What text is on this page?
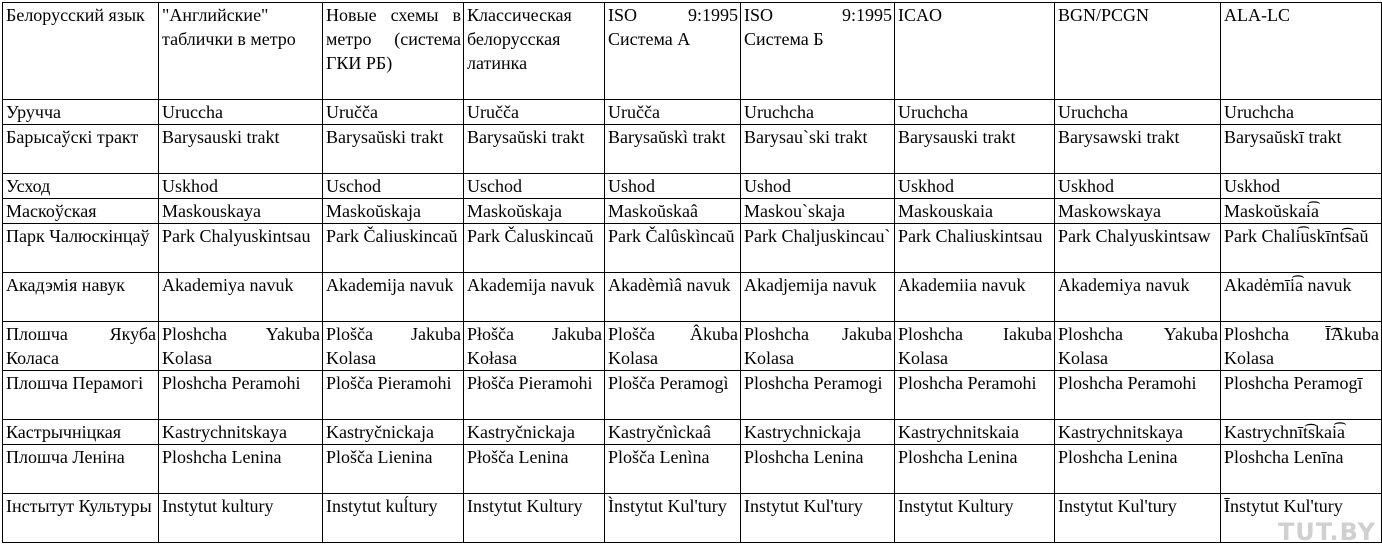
Белорусский язык	"Английские" таблички в метро	Новые схемы в метро (система ГКИ РБ)	Классическая белорусская латинка	ISO 9:1995 Система А	ISO 9:1995 Система Б	ICAO	BGN/PCGN	ALA-LC
Уручча	Uruccha	Uručča	Uručča	Uručča	Uruchcha	Uruchcha	Uruchcha	Uruchcha
Барысаўскі тракт	Barysauski trakt	Barysaŭski trakt	Barysaŭski trakt	Barysaŭskì trakt	Barysau`ski trakt	Barysauski trakt	Barysawski trakt	Barysaŭskī trakt
Усход	Uskhod	Uschod	Uschod	Ushod	Ushod	Uskhod	Uskhod	Uskhod
Маскоўская	Maskouskaya	Maskoŭskaja	Maskoŭskaja	Maskoŭskaâ	Maskou`skaja	Maskouskaia	Maskowskaya	Maskoŭskai͡a
Парк Чалюскінцаў	Park Chalyuskintsau	Park Čaliuskincaŭ	Park Čaluskincaŭ	Park Čalûskìncaŭ	Park Chaljuskincau`	Park Chaliuskintsau	Park Chalyuskintsaw	Park Chali͡uskīnt͡saŭ
Акадэмія навук	Akademiya navuk	Akademija navuk	Akademija navuk	Akadèmìâ navuk	Akadjemija navuk	Akademiia navuk	Akademiya navuk	Akadėmīi͡a navuk
Плошча Якуба Коласа	Ploshcha Yakuba Kolasa	Plošča Jakuba Kolasa	Płošča Jakuba Kołasa	Plošča Âkuba Kolasa	Ploshcha Jakuba Kolasa	Ploshcha Iakuba Kolasa	Ploshcha Yakuba Kolasa	Ploshcha Ī͡Akuba Kolasa
Плошча Перамогі	Ploshcha Peramohi	Plošča Pieramohi	Płošča Pieramohi	Plošča Peramogì	Ploshcha Peramogi	Ploshcha Peramohi	Ploshcha Peramohi	Ploshcha Peramogī
Кастрычніцкая	Kastrychnitskaya	Kastryčnickaja	Kastryčnickaja	Kastryčnìckaâ	Kastrychnickaja	Kastrychnitskaia	Kastrychnitskaya	Kastrychnīt͡skai͡a
Плошча Леніна	Ploshcha Lenina	Plošča Lienina	Płošča Lenina	Plošča Lenìna	Ploshcha Lenina	Ploshcha Lenina	Ploshcha Lenina	Ploshcha Lenīna
Інстытут Культуры	Instytut kultury	Instytut kuĺtury	Instytut Kultury	Ìnstytut Kul'tury	Instytut Kul'tury	Instytut Kultury	Instytut Kul'tury	Īnstytut Kul'tury
TUT.BY
